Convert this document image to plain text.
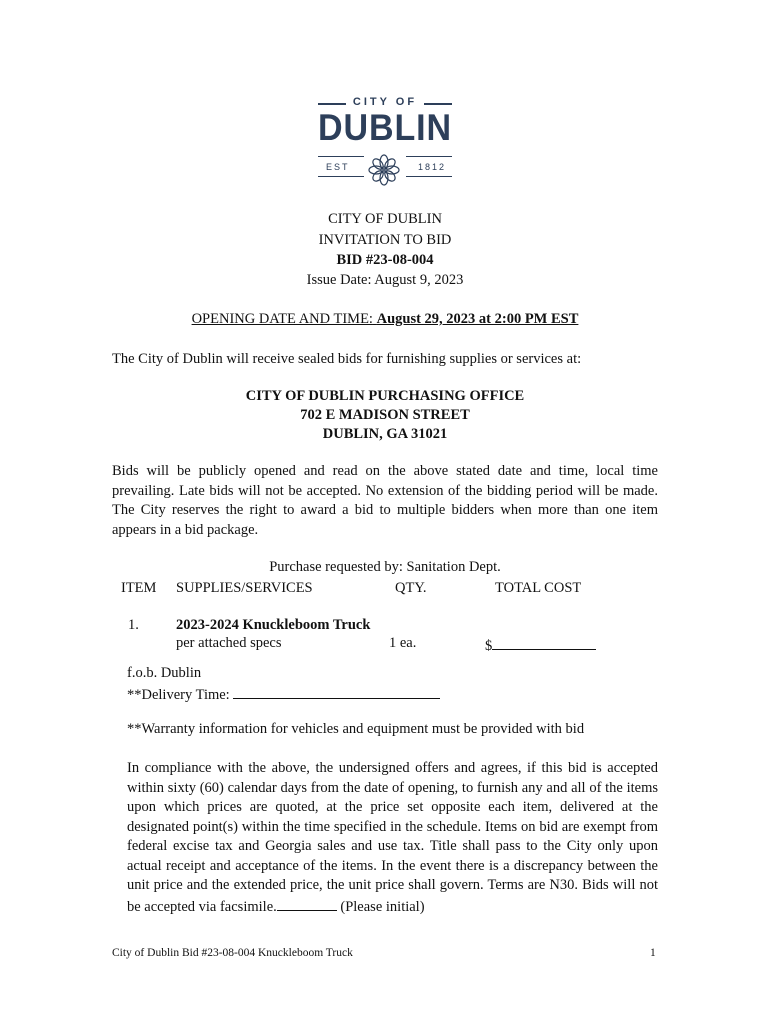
CITY OF
DUBLIN
EST	1812
CITY OF DUBLIN
INVITATION TO BID
BID #23-08-004
Issue Date: August 9, 2023
OPENING DATE AND TIME: August 29, 2023 at 2:00 PM EST
The City of Dublin will receive sealed bids for furnishing supplies or services at:
CITY OF DUBLIN PURCHASING OFFICE
702 E MADISON STREET
DUBLIN, GA 31021
Bids will be publicly opened and read on the above stated date and time, local time prevailing. Late bids will not be accepted. No extension of the bidding period will be made. The City reserves the right to award a bid to multiple bidders when more than one item appears in a bid package.
Purchase requested by: Sanitation Dept.
ITEM SUPPLIES/SERVICES	QTY.	TOTAL COST
1.	2023-2024 Knuckleboom Truck
per attached specs	1 ea.	$
f.o.b. Dublin
**Delivery Time:
**Warranty information for vehicles and equipment must be provided with bid
In compliance with the above, the undersigned offers and agrees, if this bid is accepted within sixty (60) calendar days from the date of opening, to furnish any and all of the items upon which prices are quoted, at the price set opposite each item, delivered at the designated point(s) within the time specified in the schedule. Items on bid are exempt from federal excise tax and Georgia sales and use tax. Title shall pass to the City only upon actual receipt and acceptance of the items. In the event there is a discrepancy between the unit price and the extended price, the unit price shall govern. Terms are N30. Bids will not be accepted via facsimile.	(Please initial)
City of Dublin Bid #23-08-004 Knuckleboom Truck	1
